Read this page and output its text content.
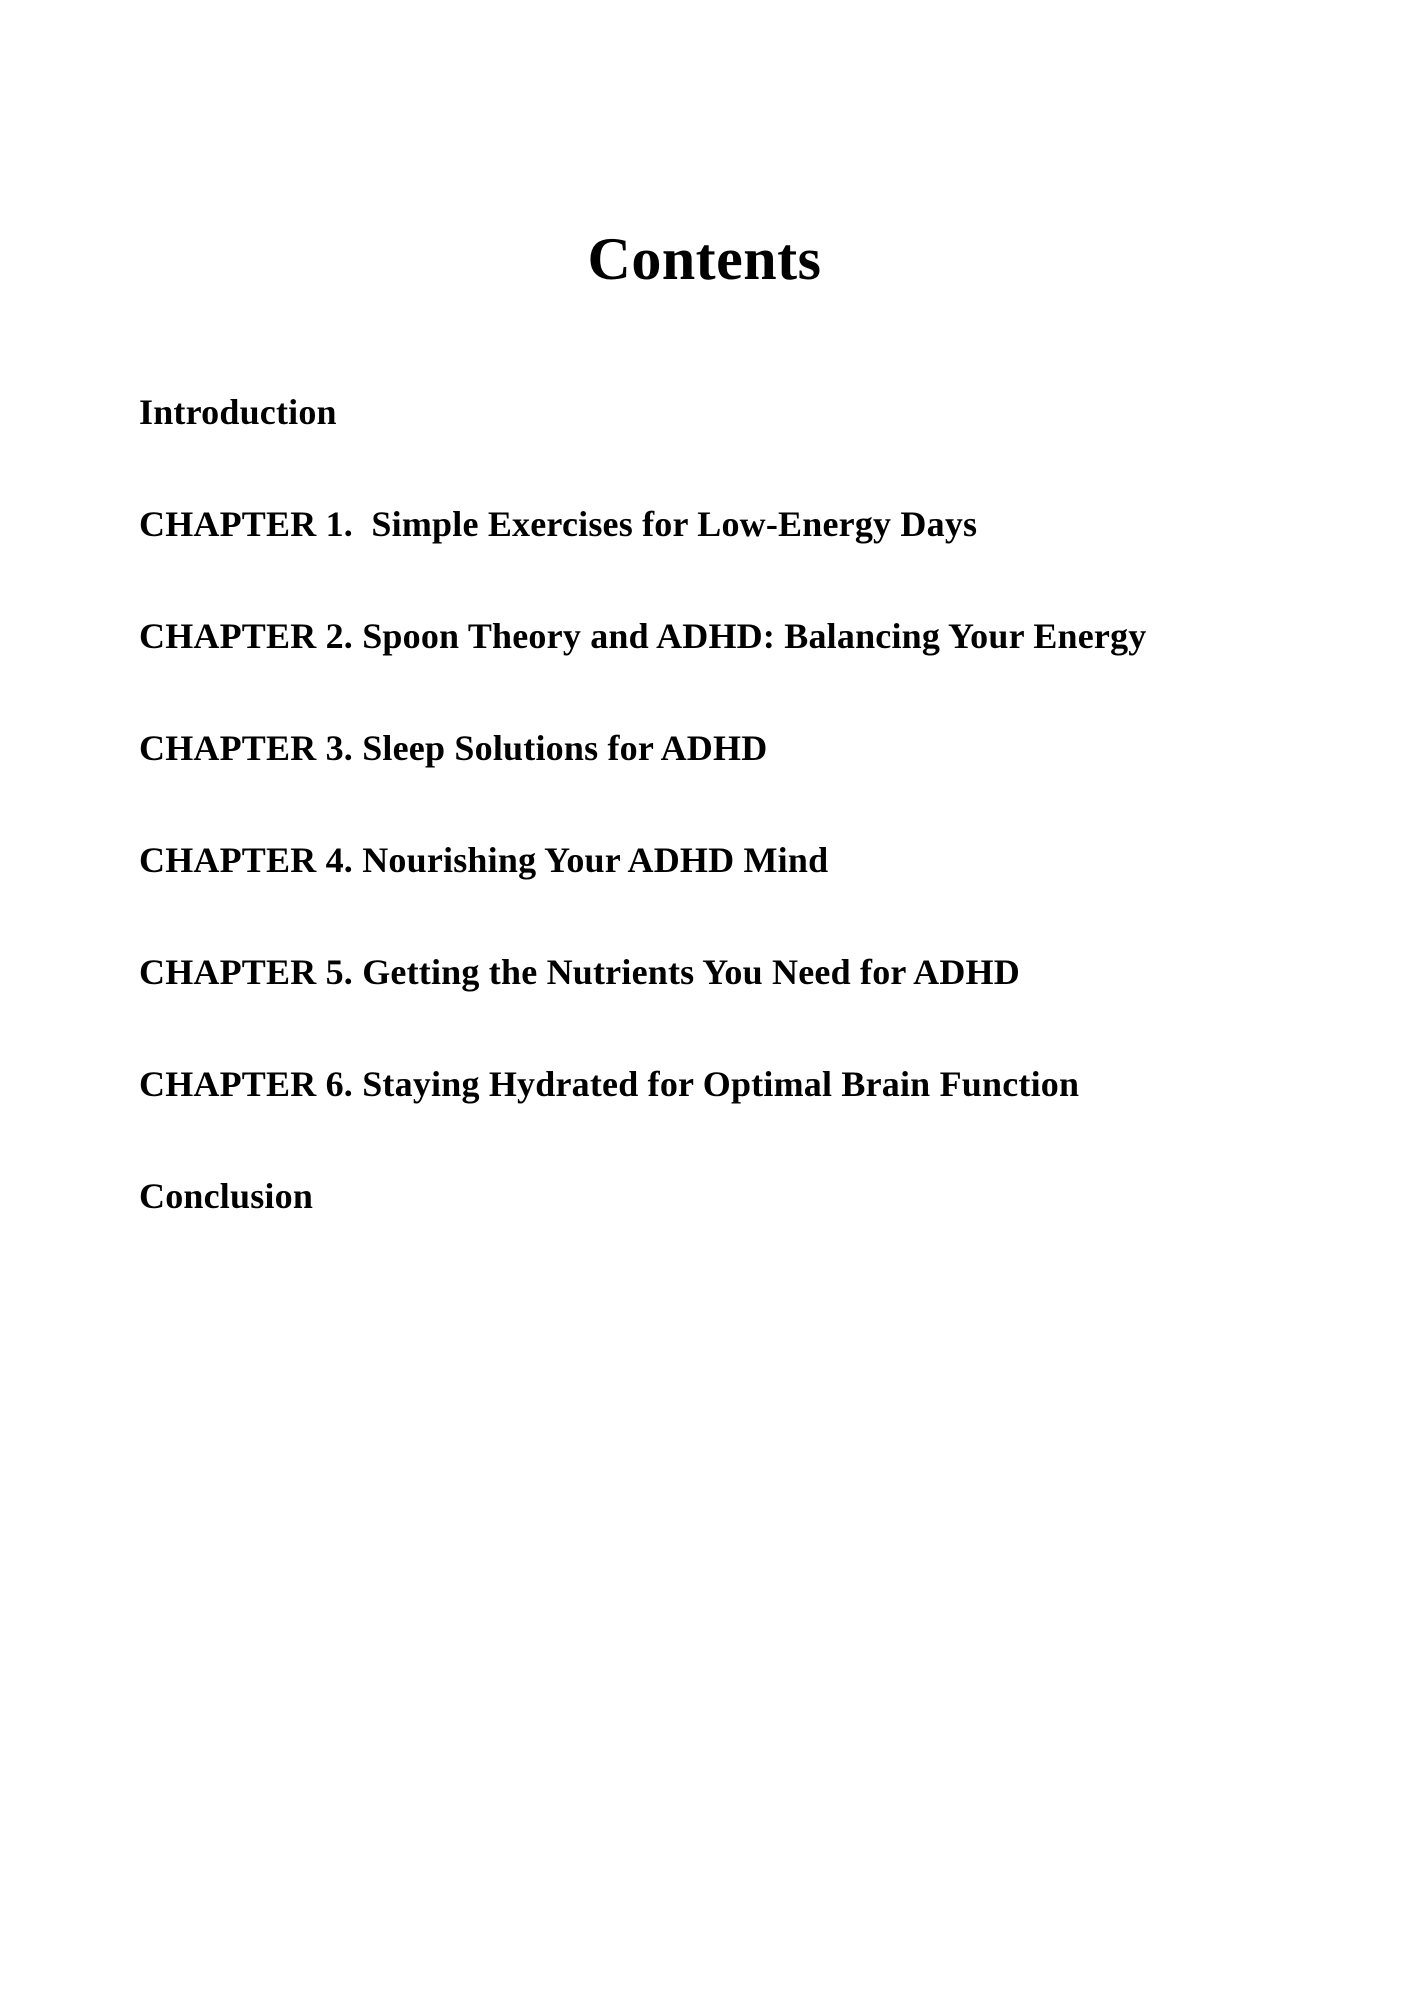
Contents
Introduction
CHAPTER 1.  Simple Exercises for Low-Energy Days
CHAPTER 2. Spoon Theory and ADHD: Balancing Your Energy
CHAPTER 3. Sleep Solutions for ADHD
CHAPTER 4. Nourishing Your ADHD Mind
CHAPTER 5. Getting the Nutrients You Need for ADHD
CHAPTER 6. Staying Hydrated for Optimal Brain Function
Conclusion
